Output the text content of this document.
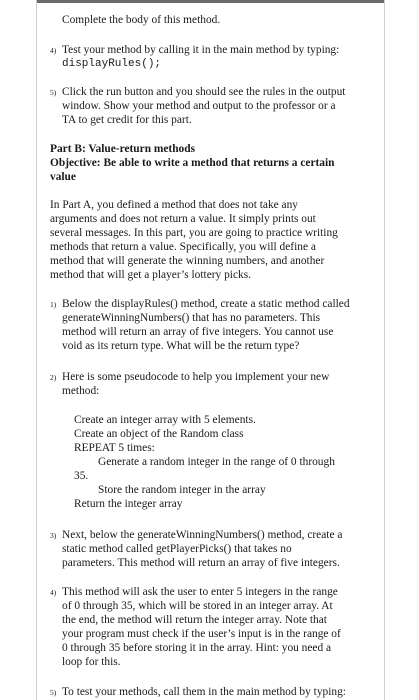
Complete the body of this method.
4) Test your method by calling it in the main method by typing:
displayRules();
5) Click the run button and you should see the rules in the output
window. Show your method and output to the professor or a
TA to get credit for this part.
Part B: Value-return methods
Objective: Be able to write a method that returns a certain
value
In Part A, you defined a method that does not take any
arguments and does not return a value. It simply prints out
several messages. In this part, you are going to practice writing
methods that return a value. Specifically, you will define a
method that will generate the winning numbers, and another
method that will get a player’s lottery picks.
1) Below the displayRules() method, create a static method called
generateWinningNumbers() that has no parameters. This
method will return an array of five integers. You cannot use
void as its return type. What will be the return type?
2) Here is some pseudocode to help you implement your new
method:
Create an integer array with 5 elements.
Create an object of the Random class
REPEAT 5 times:
Generate a random integer in the range of 0 through
35.
Store the random integer in the array
Return the integer array
3) Next, below the generateWinningNumbers() method, create a
static method called getPlayerPicks() that takes no
parameters. This method will return an array of five integers.
4) This method will ask the user to enter 5 integers in the range
of 0 through 35, which will be stored in an integer array. At
the end, the method will return the integer array. Note that
your program must check if the user’s input is in the range of
0 through 35 before storing it in the array. Hint: you need a
loop for this.
5) To test your methods, call them in the main method by typing:
